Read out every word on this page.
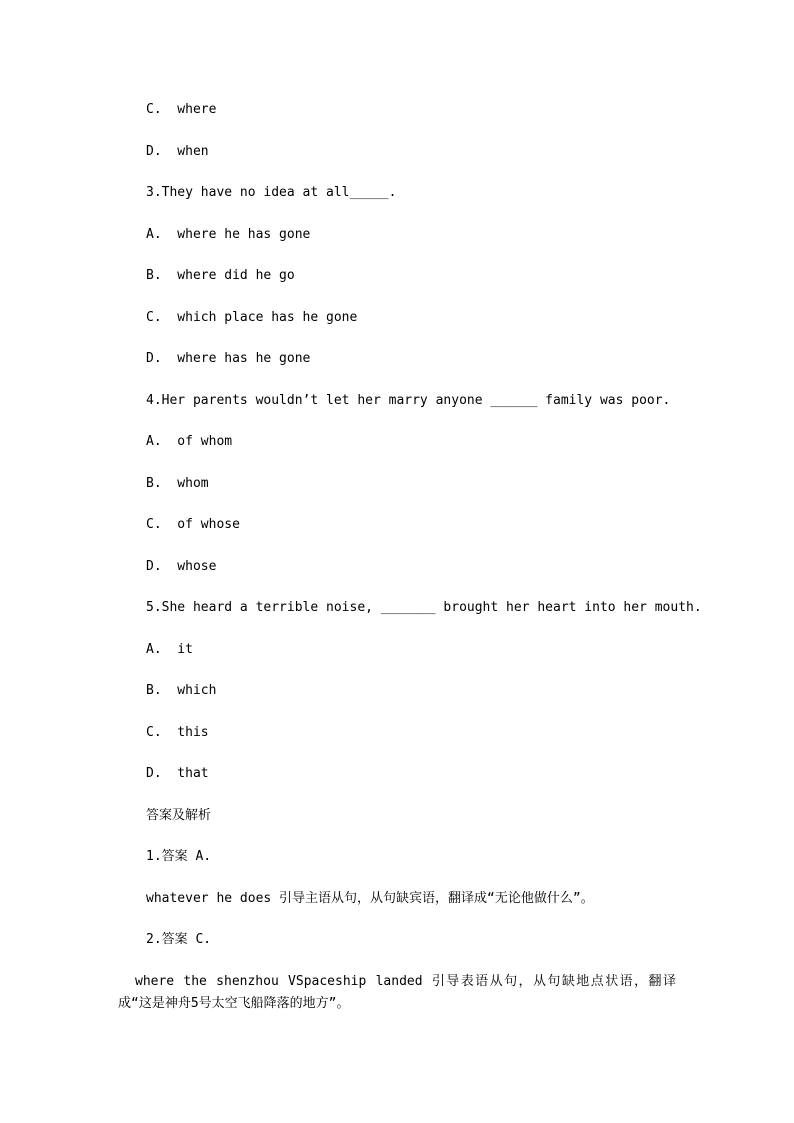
C.  where

D.  when

3.They have no idea at all_____.

A.  where he has gone

B.  where did he go

C.  which place has he gone

D.  where has he gone

4.Her parents wouldn’t let her marry anyone ______ family was poor.

A.  of whom

B.  whom

C.  of whose

D.  whose

5.She heard a terrible noise, _______ brought her heart into her mouth.

A.  it

B.  which

C.  this

D.  that

答案及解析

1.答案 A.

whatever he does 引导主语从句，从句缺宾语，翻译成“无论他做什么”。

2.答案 C.

where the shenzhou VSpaceship landed 引导表语从句，从句缺地点状语，翻译成“这是神舟5号太空飞船降落的地方”。
